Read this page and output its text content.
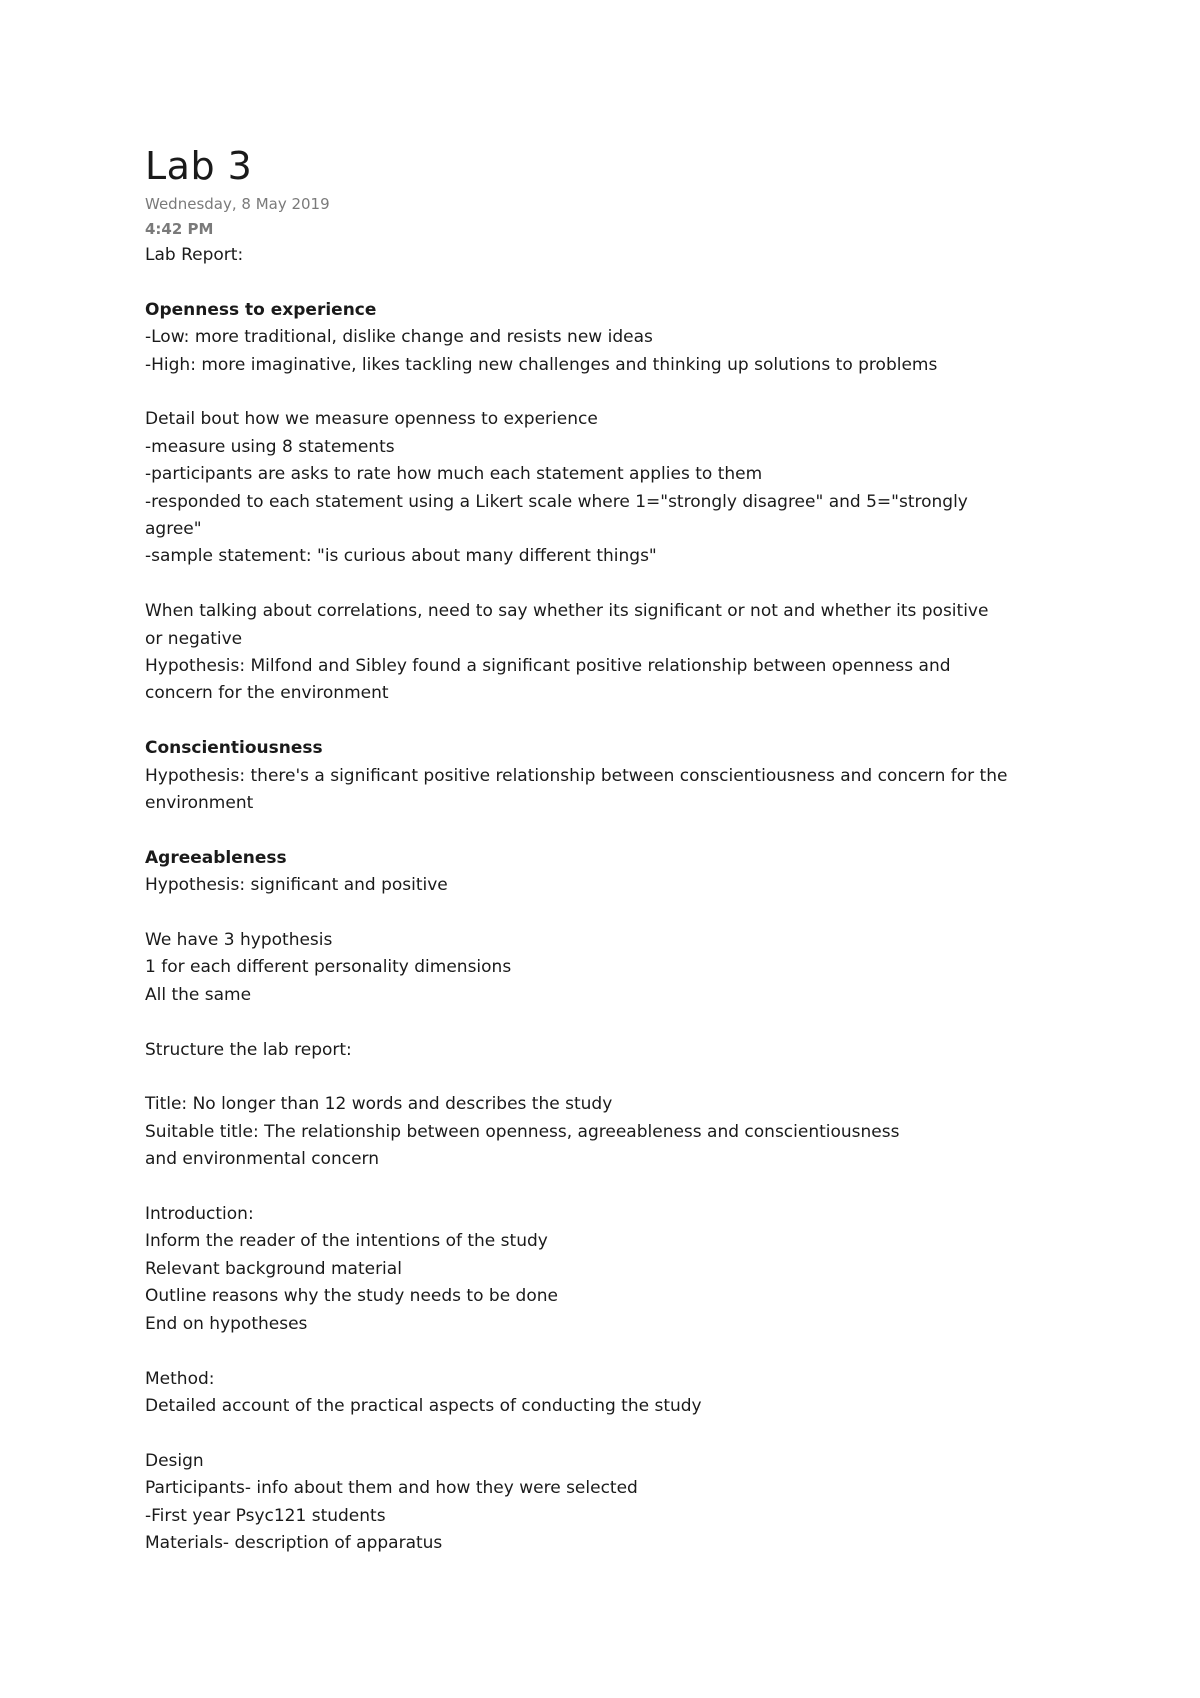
Lab 3
Wednesday, 8 May 2019
4:42 PM
Lab Report:
Openness to experience
-Low: more traditional, dislike change and resists new ideas
-High: more imaginative, likes tackling new challenges and thinking up solutions to problems
Detail bout how we measure openness to experience
-measure using 8 statements
-participants are asks to rate how much each statement applies to them
-responded to each statement using a Likert scale where 1="strongly disagree" and 5="strongly
agree"
-sample statement: "is curious about many different things"
When talking about correlations, need to say whether its significant or not and whether its positive
or negative
Hypothesis: Milfond and Sibley found a significant positive relationship between openness and
concern for the environment
Conscientiousness
Hypothesis: there's a significant positive relationship between conscientiousness and concern for the
environment
Agreeableness
Hypothesis: significant and positive
We have 3 hypothesis
1 for each different personality dimensions
All the same
Structure the lab report:
Title: No longer than 12 words and describes the study
Suitable title: The relationship between openness, agreeableness and conscientiousness
and environmental concern
Introduction:
Inform the reader of the intentions of the study
Relevant background material
Outline reasons why the study needs to be done
End on hypotheses
Method:
Detailed account of the practical aspects of conducting the study
Design
Participants- info about them and how they were selected
-First year Psyc121 students
Materials- description of apparatus
